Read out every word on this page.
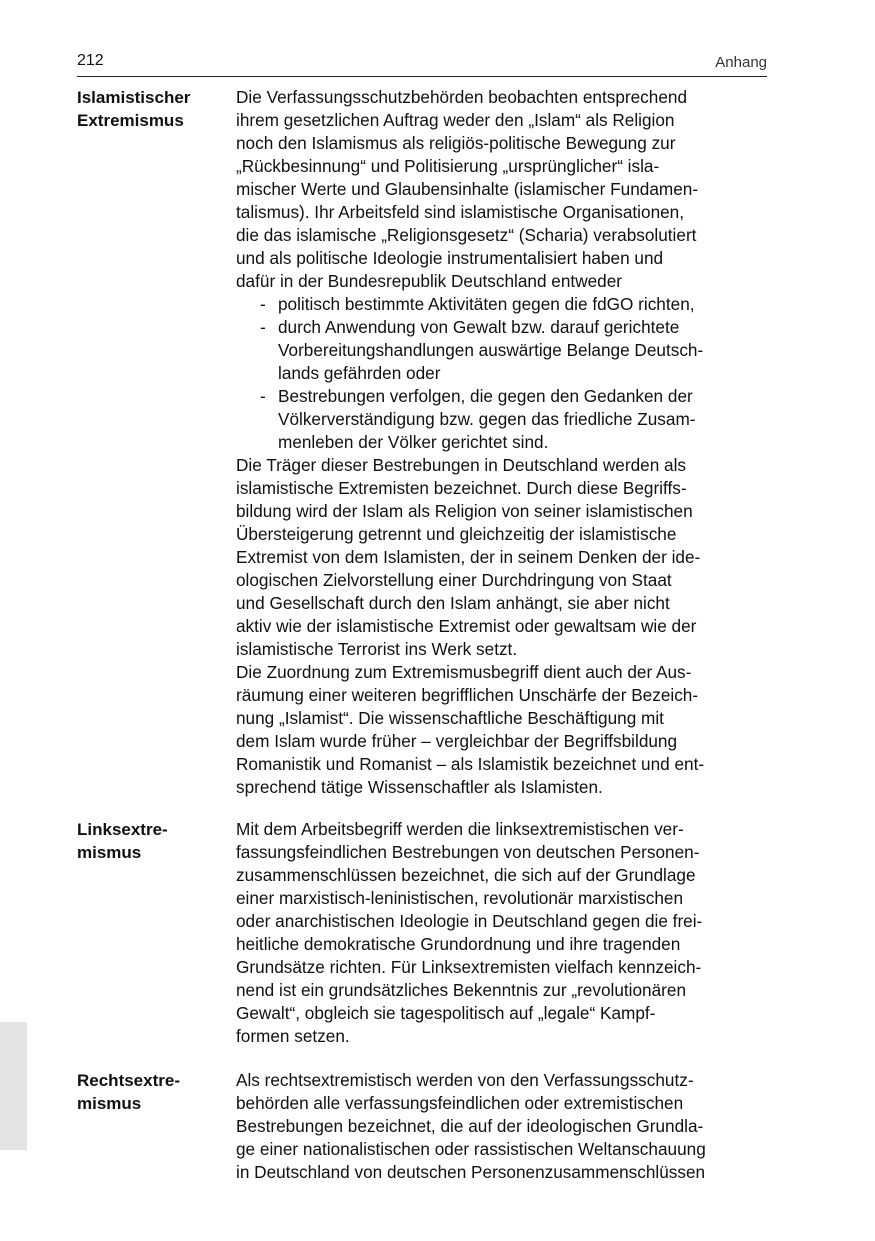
212	Anhang
Islamistischer
Extremismus
Die Verfassungsschutzbehörden beobachten entsprechend
ihrem gesetzlichen Auftrag weder den „Islam“ als Religion
noch den Islamismus als religiös-politische Bewegung zur
„Rückbesinnung“ und Politisierung „ursprünglicher“ isla-
mischer Werte und Glaubensinhalte (islamischer Fundamen-
talismus). Ihr Arbeitsfeld sind islamistische Organisationen,
die das islamische „Religionsgesetz“ (Scharia) verabsolutiert
und als politische Ideologie instrumentalisiert haben und
dafür in der Bundesrepublik Deutschland entweder
- politisch bestimmte Aktivitäten gegen die fdGO richten,
- durch Anwendung von Gewalt bzw. darauf gerichtete
Vorbereitungshandlungen auswärtige Belange Deutsch-
lands gefährden oder
- Bestrebungen verfolgen, die gegen den Gedanken der
Völkerverständigung bzw. gegen das friedliche Zusam-
menleben der Völker gerichtet sind.
Die Träger dieser Bestrebungen in Deutschland werden als
islamistische Extremisten bezeichnet. Durch diese Begriffs-
bildung wird der Islam als Religion von seiner islamistischen
Übersteigerung getrennt und gleichzeitig der islamistische
Extremist von dem Islamisten, der in seinem Denken der ide-
ologischen Zielvorstellung einer Durchdringung von Staat
und Gesellschaft durch den Islam anhängt, sie aber nicht
aktiv wie der islamistische Extremist oder gewaltsam wie der
islamistische Terrorist ins Werk setzt.
Die Zuordnung zum Extremismusbegriff dient auch der Aus-
räumung einer weiteren begrifflichen Unschärfe der Bezeich-
nung „Islamist“. Die wissenschaftliche Beschäftigung mit
dem Islam wurde früher – vergleichbar der Begriffsbildung
Romanistik und Romanist – als Islamistik bezeichnet und ent-
sprechend tätige Wissenschaftler als Islamisten.
Linksextre-
mismus
Mit dem Arbeitsbegriff werden die linksextremistischen ver-
fassungsfeindlichen Bestrebungen von deutschen Personen-
zusammenschlüssen bezeichnet, die sich auf der Grundlage
einer marxistisch-leninistischen, revolutionär marxistischen
oder anarchistischen Ideologie in Deutschland gegen die frei-
heitliche demokratische Grundordnung und ihre tragenden
Grundsätze richten. Für Linksextremisten vielfach kennzeich-
nend ist ein grundsätzliches Bekenntnis zur „revolutionären
Gewalt“, obgleich sie tagespolitisch auf „legale“ Kampf-
formen setzen.
Rechtsextre-
mismus
Als rechtsextremistisch werden von den Verfassungsschutz-
behörden alle verfassungsfeindlichen oder extremistischen
Bestrebungen bezeichnet, die auf der ideologischen Grundla-
ge einer nationalistischen oder rassistischen Weltanschauung
in Deutschland von deutschen Personenzusammenschlüssen
